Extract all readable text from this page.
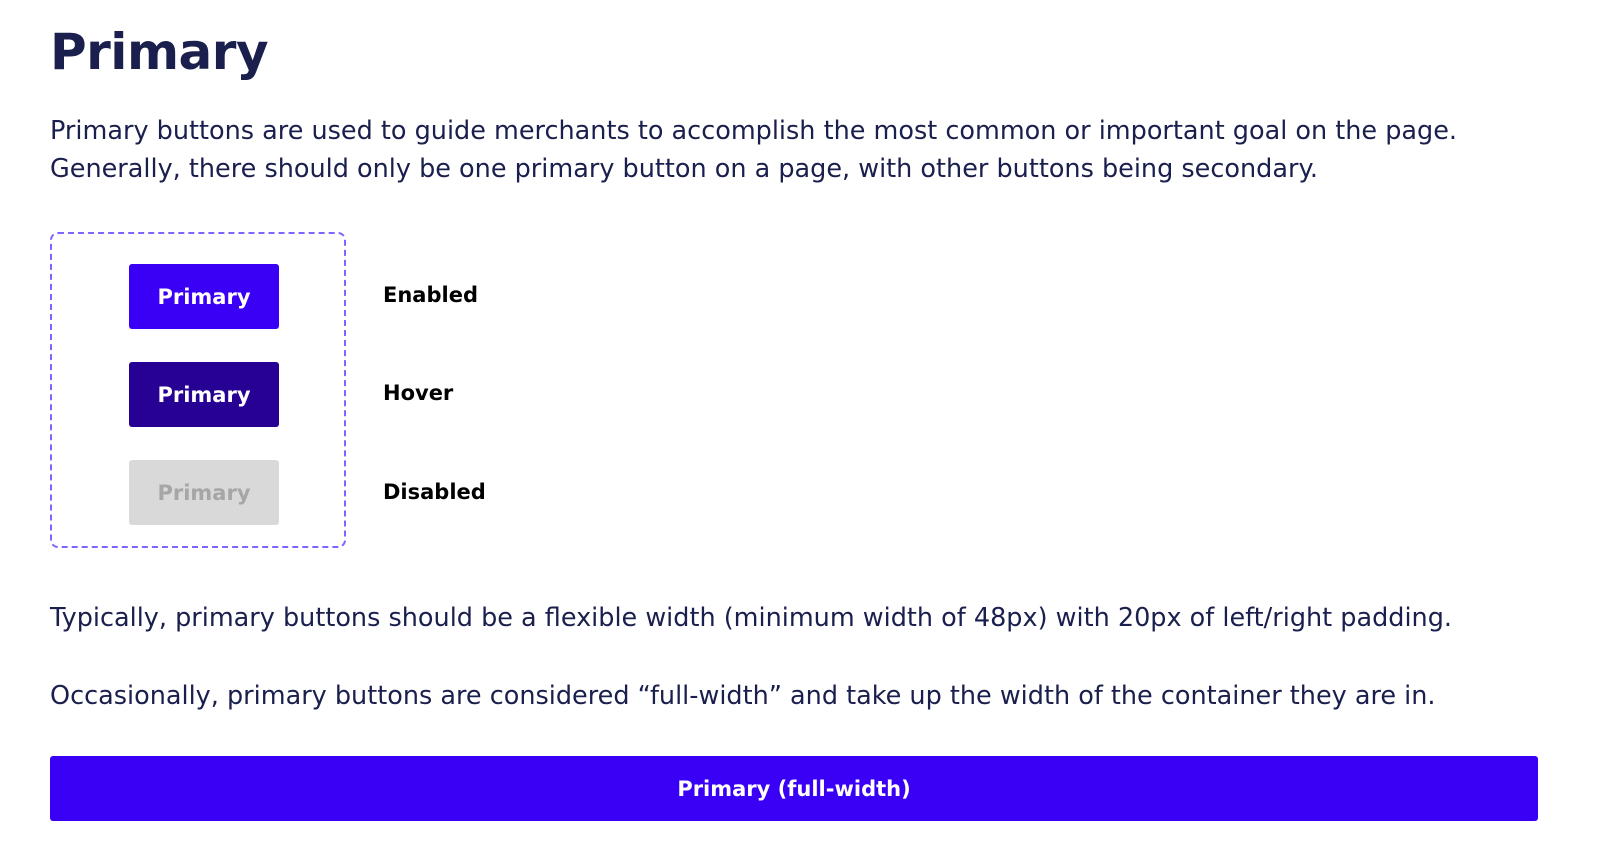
Primary

Primary buttons are used to guide merchants to accomplish the most common or important goal on the page. Generally, there should only be one primary button on a page, with other buttons being secondary.

Primary
Primary
Primary
Enabled
Hover
Disabled

Typically, primary buttons should be a flexible width (minimum width of 48px) with 20px of left/right padding.

Occasionally, primary buttons are considered “full-width” and take up the width of the container they are in.

Primary (full-width)
